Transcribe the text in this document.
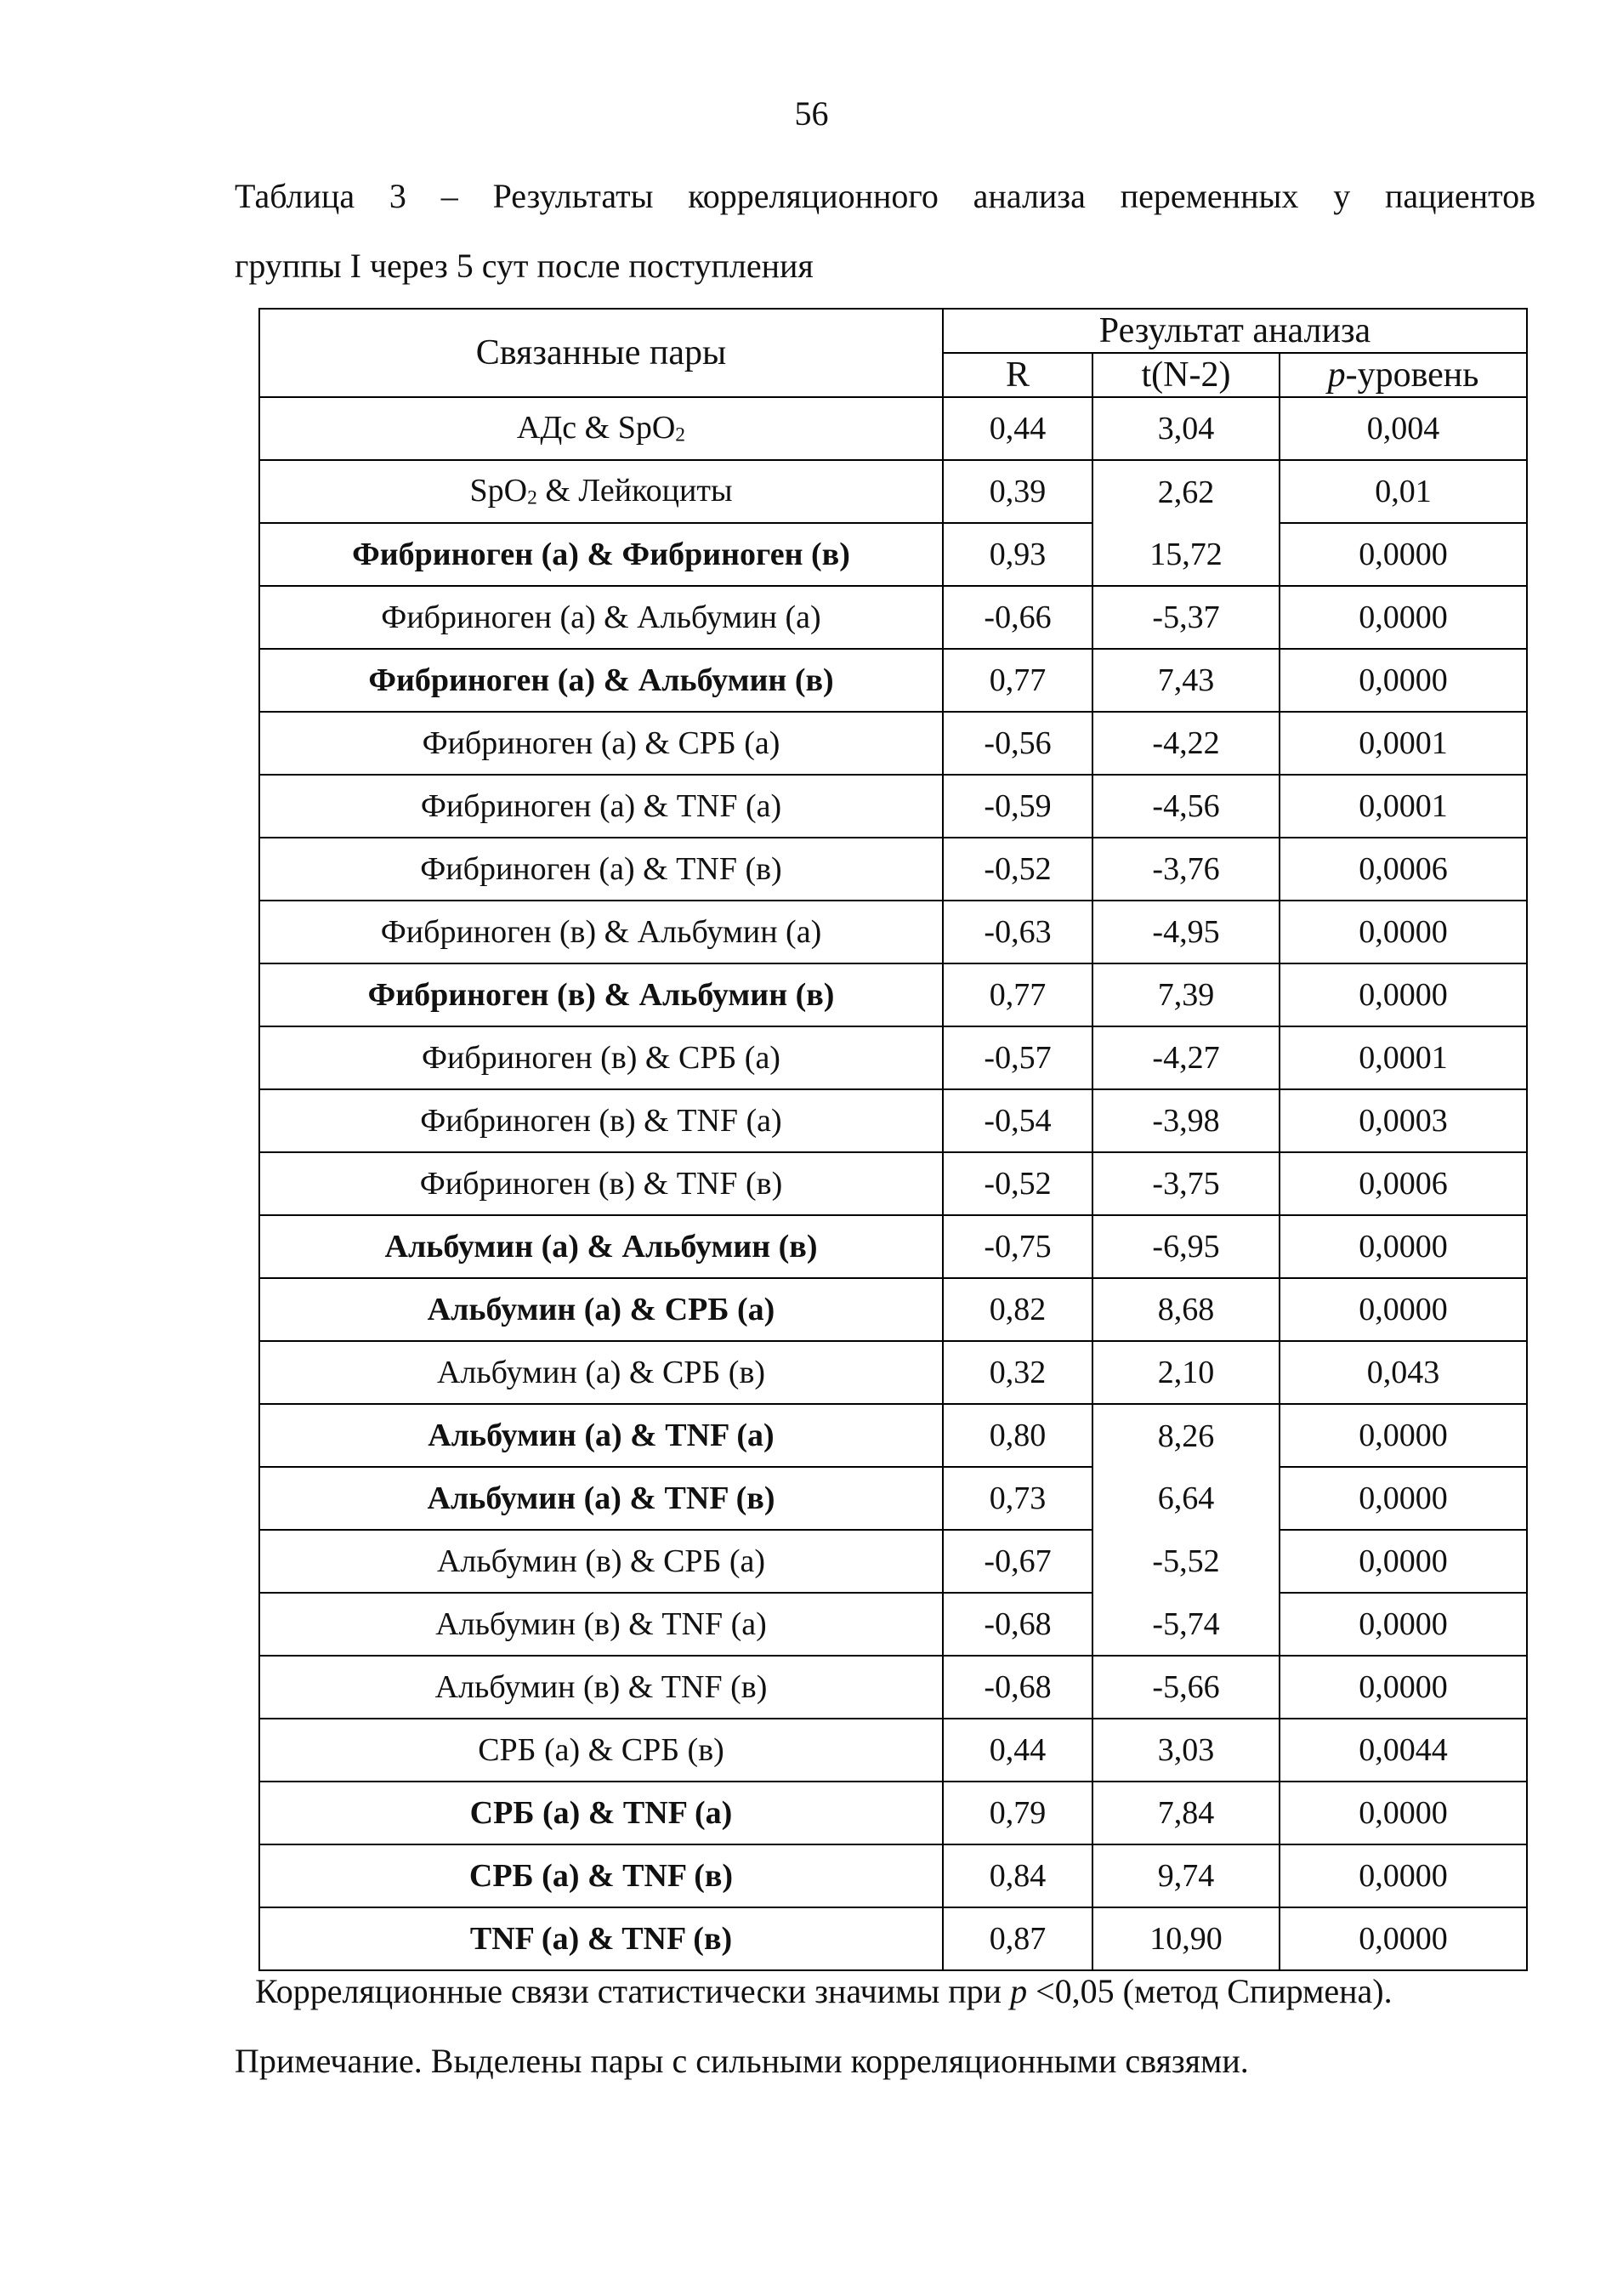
56
Таблица 3 – Результаты корреляционного анализа переменных у пациентов
группы I через 5 сут после поступления
Связанные пары	Результат анализа		
	R	t(N-2)	p-уровень
АДс & SpO$_2$	0,44	3,04	0,004
SpO$_2$ & Лейкоциты	0,39	2,62	0,01
Фибриноген (а) & Фибриноген (в)	0,93	15,72	0,0000
Фибриноген (а) & Альбумин (а)	-0,66	-5,37	0,0000
Фибриноген (а) & Альбумин (в)	0,77	7,43	0,0000
Фибриноген (а) & СРБ (а)	-0,56	-4,22	0,0001
Фибриноген (а) & TNF (а)	-0,59	-4,56	0,0001
Фибриноген (а) & TNF (в)	-0,52	-3,76	0,0006
Фибриноген (в) & Альбумин (а)	-0,63	-4,95	0,0000
Фибриноген (в) & Альбумин (в)	0,77	7,39	0,0000
Фибриноген (в) & СРБ (а)	-0,57	-4,27	0,0001
Фибриноген (в) & TNF (а)	-0,54	-3,98	0,0003
Фибриноген (в) & TNF (в)	-0,52	-3,75	0,0006
Альбумин (а) & Альбумин (в)	-0,75	-6,95	0,0000
Альбумин (а) & СРБ (а)	0,82	8,68	0,0000
Альбумин (а) & СРБ (в)	0,32	2,10	0,043
Альбумин (а) & TNF (а)	0,80	8,26	0,0000
Альбумин (а) & TNF (в)	0,73	6,64	0,0000
Альбумин (в) & СРБ (а)	-0,67	-5,52	0,0000
Альбумин (в) & TNF (а)	-0,68	-5,74	0,0000
Альбумин (в) & TNF (в)	-0,68	-5,66	0,0000
СРБ (а) & СРБ (в)	0,44	3,03	0,0044
СРБ (а) & TNF (а)	0,79	7,84	0,0000
СРБ (а) & TNF (в)	0,84	9,74	0,0000
TNF (а) & TNF (в)	0,87	10,90	0,0000
Корреляционные связи статистически значимы при p <0,05 (метод Спирмена).
Примечание. Выделены пары с сильными корреляционными связями.
